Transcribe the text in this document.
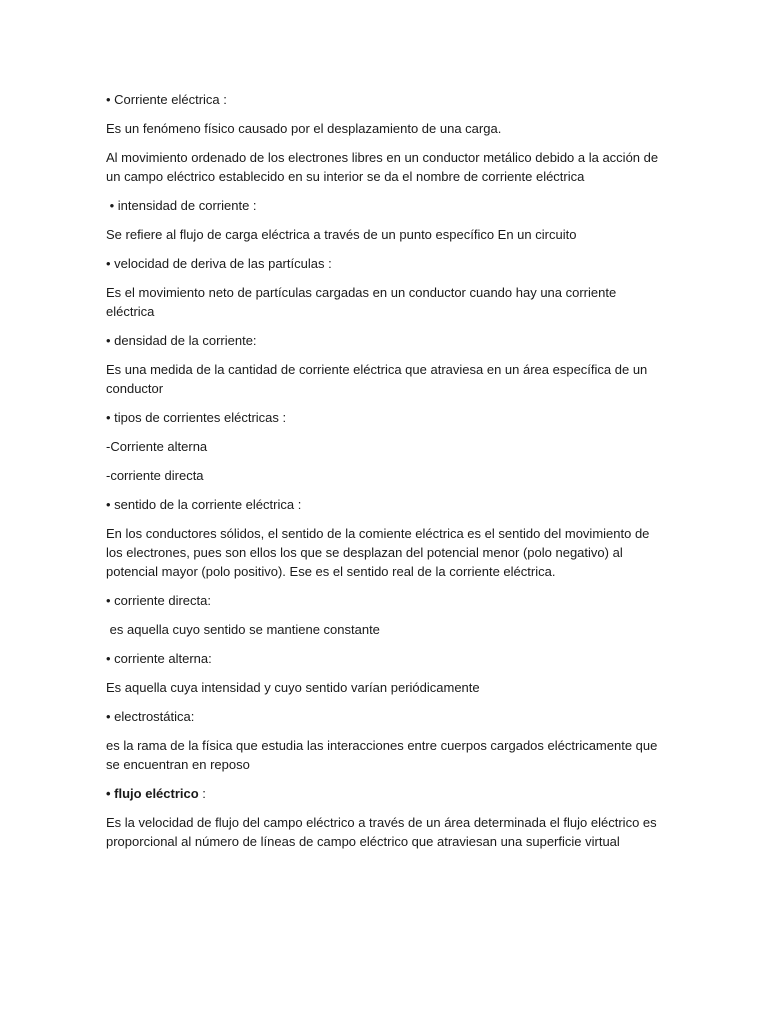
• Corriente eléctrica :

Es un fenómeno físico causado por el desplazamiento de una carga.

Al movimiento ordenado de los electrones libres en un conductor metálico debido a la acción de un campo eléctrico establecido en su interior se da el nombre de corriente eléctrica

• intensidad de corriente :

Se refiere al flujo de carga eléctrica a través de un punto específico En un circuito

• velocidad de deriva de las partículas :

Es el movimiento neto de partículas cargadas en un conductor cuando hay una corriente eléctrica

• densidad de la corriente:

Es una medida de la cantidad de corriente eléctrica que atraviesa en un área específica de un conductor

• tipos de corrientes eléctricas :

-Corriente alterna

-corriente directa

• sentido de la corriente eléctrica :

En los conductores sólidos, el sentido de la comiente eléctrica es el sentido del movimiento de los electrones, pues son ellos los que se desplazan del potencial menor (polo negativo) al potencial mayor (polo positivo). Ese es el sentido real de la corriente eléctrica.

• corriente directa:

es aquella cuyo sentido se mantiene constante

• corriente alterna:

Es aquella cuya intensidad y cuyo sentido varían periódicamente

• electrostática:

es la rama de la física que estudia las interacciones entre cuerpos cargados eléctricamente que se encuentran en reposo

• flujo eléctrico :

Es la velocidad de flujo del campo eléctrico a través de un área determinada el flujo eléctrico es proporcional al número de líneas de campo eléctrico que atraviesan una superficie virtual
